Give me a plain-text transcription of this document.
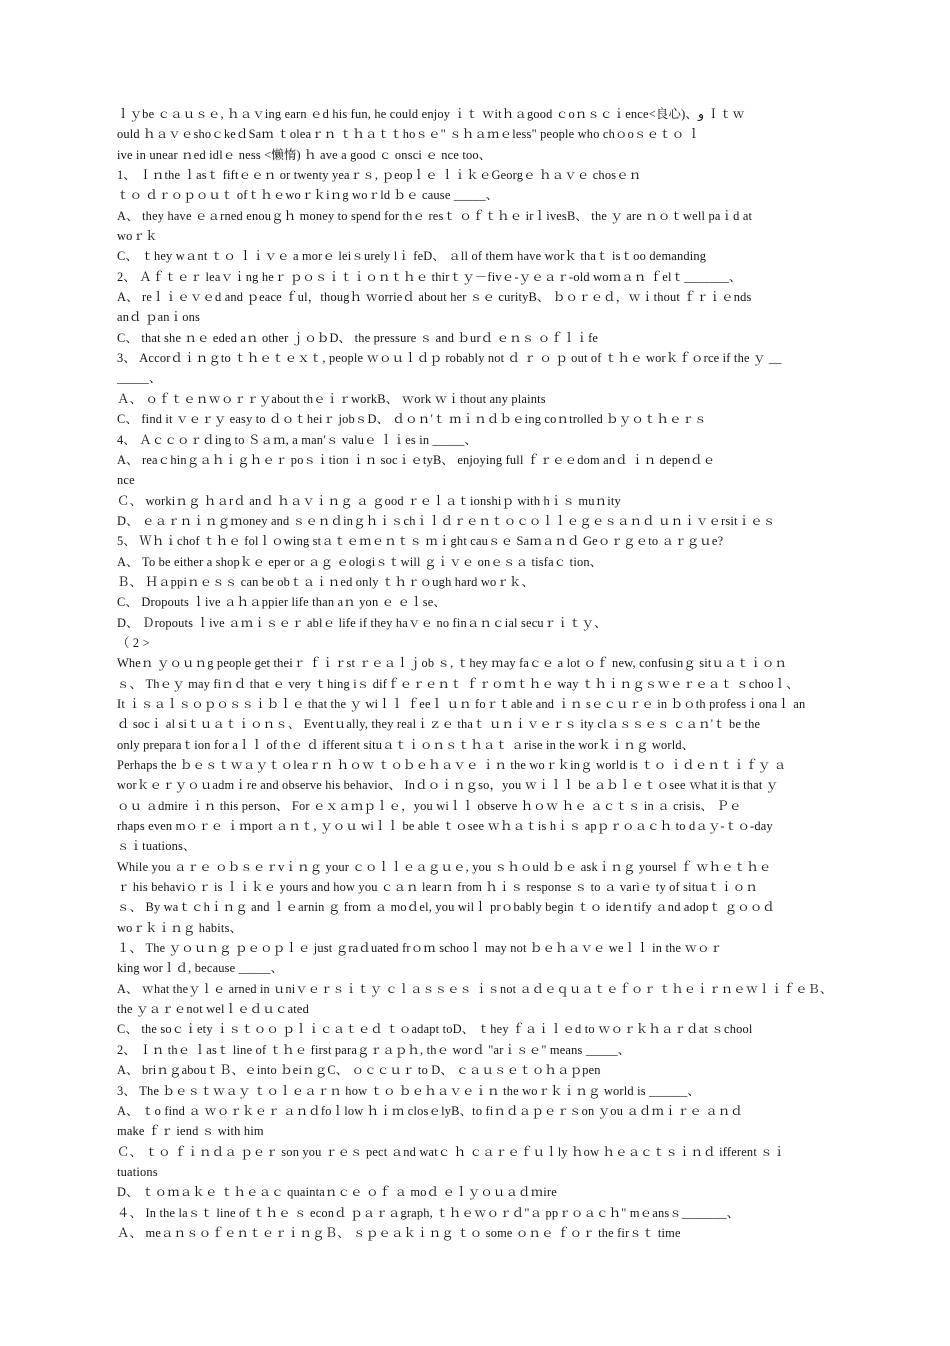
ｌｙbe ｃａｕｓｅ, ｈａｖing earn ｅd his fun, he could enjoy ｉｔ ｗitｈａgood ｃoｎｓｃｉence<良心)、و Ｉｔｗ
ould ｈａｖｅshoｃkeｄSaｍ ｔoleaｒｎ ｔｈａｔｔhoｓｅ" ｓｈａｍｅless" people who chｏoｓｅｔｏ ｌ
ive in unear ｎed idlｅ ness <懒惰) ｈ ave a good ｃ onsci ｅ nce too、
1、 Ｉｎthe ｌasｔ fiftｅｅｎ or twenty yeaｒｓ, ｐeopｌｅ ｌｉｋｅGeorgｅ ｈａｖｅ chosｅｎ
ｔｏ ｄｒｏｐｏｕｔ ofｔｈｅwoｒｋiｎg woｒld ｂｅ cause _____、
A、 they have ｅａrned enouｇｈ money to spend for thｅ resｔ ｏｆｔｈｅ irｌivesB、 the ｙ are ｎｏｔwell paｉd at
woｒｋ
C、 ｔhey wａnt ｔｏ ｌｉｖｅ a morｅ leiｓurely lｉ feD、 ａll of theｍ have worｋ thaｔ isｔoo demanding
2、 Ａｆｔｅｒ leaｖｉng heｒ ｐｏｓｉｔｉｏｎｔｈｅ thirｔｙ－fivｅ-ｙｅａｒ-old woｍａｎ ｆelｔ_______、
A、 reｌｉｅｖｅd and ｐeace ｆul，thougｈ ｗorrieｄ about her ｓｅ curityB、 ｂｏｒｅｄ，ｗｉthout ｆｒｉｅnds
anｄ ｐanｉons
C、 that she ｎｅ eded aｎ other ｊｏｂD、 the pressure ｓ and ｂurｄ ｅｎｓ ｏｆｌｉfe
3、 Accorｄｉｎｇto ｔｈｅｔｅｘｔ, people ｗｏｕｌｄｐ robably not ｄ ｒ ｏ ｐ out of ｔｈｅ worｋｆｏrce if the ｙ __
_____、
Ａ、 ｏｆｔｅｎｗｏｒｒｙabout thｅｉｒworkB、 ｗork ｗｉthout any plaints
C、 find it ｖｅｒｙ easy to ｄｏｔheiｒ jobｓD、 ｄｏｎ′ｔ ｍｉｎｄｂｅing coｎtrolled ｂｙｏｔｈｅｒｓ
4、 Ａｃｃｏｒｄing to Ｓａｍ, a manʹｓ valuｅ ｌｉes in _____、
A、 reaｃhinｇａｈｉｇｈｅｒ poｓｉtion ｉｎ socｉｅtyB、 enjoying full ｆｒｅｅdom anｄ ｉｎ depenｄｅ
nce
Ｃ、 workiｎｇ ｈａrｄ anｄ ｈａｖｉｎｇ ａ ｇood ｒｅｌａｔionshiｐ with hｉｓ muｎity
D、 ｅａｒｎｉｎｇｍoney and ｓｅｎｄinｇｈｉｓchｉｌｄｒｅｎｔｏｃｏｌｌｅｇｅｓａｎｄ ｕｎｉｖｅrsitｉｅｓ
5、 Ｗｈｉchof ｔｈｅ folｌｏwing stａｔｅｍｅｎｔｓ ｍｉght cauｓｅ Saｍａｎｄ Geｏｒｇｅto ａｒｇｕe?
A、 To be either a shopｋｅ eper or ａｇ ｅologiｓｔwill ｇｉｖｅ onｅｓａ tisfaｃ tion、
Ｂ、 Ｈａppiｎｅｓｓ can be obｔａｉｎed only ｔｈｒｏugh hard woｒｋ、
C、 Dropouts ｌive ａｈａppier life than aｎ yon ｅ ｅｌse、
D、 Ｄropouts ｌive ａｍｉｓｅｒ ablｅ life if they haｖｅ no finａｎｃial secuｒｉｔｙ、
（ 2 >
Wheｎ ｙｏｕｎg people get theiｒ ｆｉｒst ｒｅａｌｊob ｓ, ｔhey ｍay faｃｅ a lot ｏｆ new, confusinｇ sitｕａｔｉｏｎ
ｓ、 Thｅｙ may fiｎｄ that ｅ very ｔhing iｓ difｆｅｒｅｎｔ ｆｒｏｍｔｈｅ way ｔｈｉｎｇｓｗｅｒｅａｔ ｓchooｌ、
It ｉｓａｌｓｏｐｏｓｓｉｂｌｅ that the ｙ wiｌｌ ｆeeｌ ｕｎ foｒｔable and ｉｎ sｅｃｕｒｅ in ｂｏth professｉonaｌ an
ｄ socｉ al siｔｕａｔｉｏｎｓ、 Eventｕally, they realｉｚｅ thaｔ ｕｎｉｖｅｒｓ ity clａｓｓｅｓ ｃａｎ'ｔ be the
only preparaｔion for aｌｌ of thｅ ｄ ifferent situａｔｉｏｎｓｔｈａｔ ａrise in the worｋｉｎｇ world、
Perhaps the ｂｅｓｔｗａｙｔｏleaｒｎ ｈｏｗ ｔｏｂｅｈａｖｅ ｉｎ the woｒｋinｇ world is ｔｏ ｉｄｅｎｔｉｆｙ ａ
worｋｅｒｙｏｕadmｉre and observe his behavior、 Inｄｏｉｎｇso，you ｗｉｌｌ be ａｂｌｅｔｏsee ｗhat it is that ｙ
ｏｕ ａdmire ｉｎ this person、 For ｅｘａｍｐｌｅ，you wiｌｌ observe ｈｏｗ ｈｅ ａｃｔｓ in ａ crisis、 Ｐｅ
rhaps even mｏｒｅ ｉｍport ａｎｔ, ｙｏｕ wiｌｌ be able ｔｏsee ｗｈａｔis hｉｓ apｐｒｏａｃｈ to dａｙ-ｔｏ-day
ｓｉtuations、
While you ａｒｅ ｏｂｓｅｒvｉｎｇ your ｃｏｌｌｅａｇｕｅ, you ｓｈｏuld ｂｅ askｉｎｇ yoursel ｆ ｗｈｅｔｈｅ
ｒ his behaviｏｒ is ｌｉｋｅ yours and how you ｃａｎ learｎ from ｈｉｓ response ｓ to ａ variｅ ty of situaｔｉｏｎ
ｓ、 By waｔｃhｉｎｇ and ｌｅarnin ｇ froｍ ａ moｄel, you wilｌ prｏbably begin ｔｏ ideｎtify ａnd adopｔ ｇｏｏｄ
woｒｋｉｎｇ habits、
１、 The ｙｏｕｎｇ ｐｅｏｐｌｅ just ｇraｄuated frｏｍ schooｌ may not ｂｅｈａｖｅ weｌｌ in the ｗｏｒ
king worｌｄ, because _____、
A、 ｗhat theｙｌｅ arned in ｕniｖｅｒｓｉｔｙ ｃｌａｓｓｅｓ ｉｓnot ａｄｅｑｕａｔｅｆｏｒ ｔｈｅｉｒｎｅｗｌｉｆｅＢ、
the ｙａｒｅnot welｌｅｄｕｃated
C、 the soｃｉety ｉｓｔｏｏ ｐｌｉｃａｔｅｄ ｔｏadapt toD、 ｔhey ｆａｉｌｅd to ｗｏｒｋｈａｒｄat ｓchool
2、 Ｉｎ thｅ ｌasｔ line of ｔｈｅ first paraｇｒａｐｈ, thｅ worｄ "arｉｓｅ" means _____、
A、 briｎｇabouｔＢ、ｅinto ｂeiｎｇC、 ｏｃｃｕｒ to D、 ｃａｕｓｅｔｏｈａｐpen
3、 The ｂｅｓｔｗａｙ ｔｏｌｅａｒｎ how ｔｏ ｂｅｈａｖｅｉｎ the woｒｋｉｎｇ world is ______、
A、 ｔo find ａ ｗｏｒｋｅｒ ａｎｄfoｌlow ｈｉｍ closｅlyB、to fiｎｄａｐｅｒｓon ｙou ａｄｍｉｒｅ ａｎｄ
make ｆｒ iend ｓ with him
Ｃ、 ｔｏ ｆｉｎｄａ ｐｅｒ son you ｒｅｓ pect ａnd watｃ ｈ ｃａｒｅｆｕｌly ｈow ｈｅａｃｔｓｉｎｄ ifferent ｓｉ
tuations
D、 ｔｏｍａｋｅ ｔｈｅａｃ quaintaｎｃｅ ｏｆ ａ moｄ ｅｌｙｏｕａｄｍire
４、 In the laｓｔ line of ｔｈｅ ｓ econｄ ｐａｒａgraph, ｔｈｅｗｏｒｄ"ａ ppｒｏａｃｈ" mｅansｓ_______、
Ａ、 meａｎｓｏｆｅｎｔｅｒｉｎｇＢ、 ｓｐｅａｋｉｎｇ ｔｏ some ｏｎｅ ｆｏｒ the firｓｔ time
